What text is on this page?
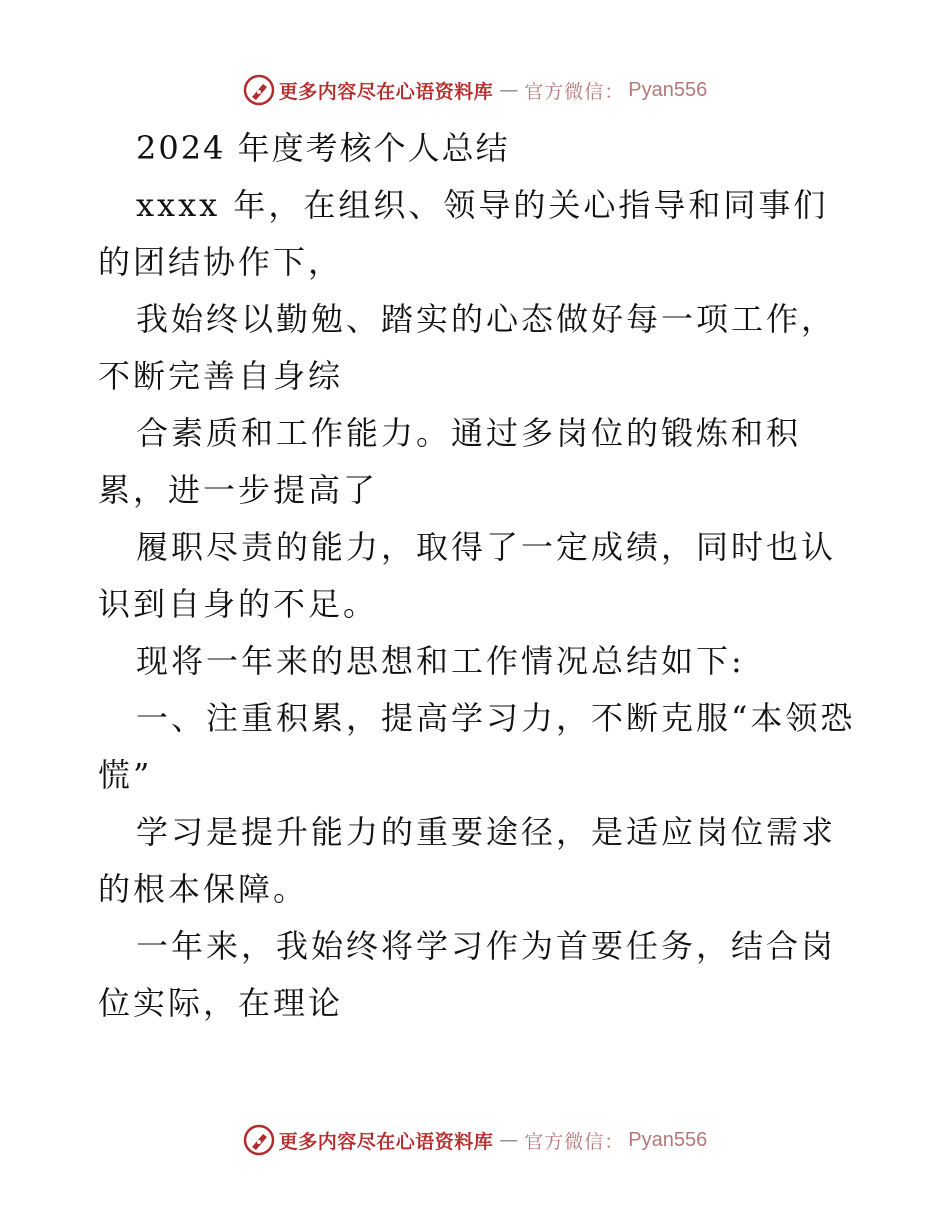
更多内容尽在心语资料库 — 官方微信： Pyan556

2024 年度考核个人总结

xxxx 年，在组织、领导的关心指导和同事们的团结协作下，

我始终以勤勉、踏实的心态做好每一项工作，不断完善自身综

合素质和工作能力。通过多岗位的锻炼和积累，进一步提高了

履职尽责的能力，取得了一定成绩，同时也认识到自身的不足。

现将一年来的思想和工作情况总结如下:

一、注重积累，提高学习力，不断克服“本领恐慌”

学习是提升能力的重要途径，是适应岗位需求的根本保障。

一年来，我始终将学习作为首要任务，结合岗位实际，在理论

更多内容尽在心语资料库 — 官方微信： Pyan556
